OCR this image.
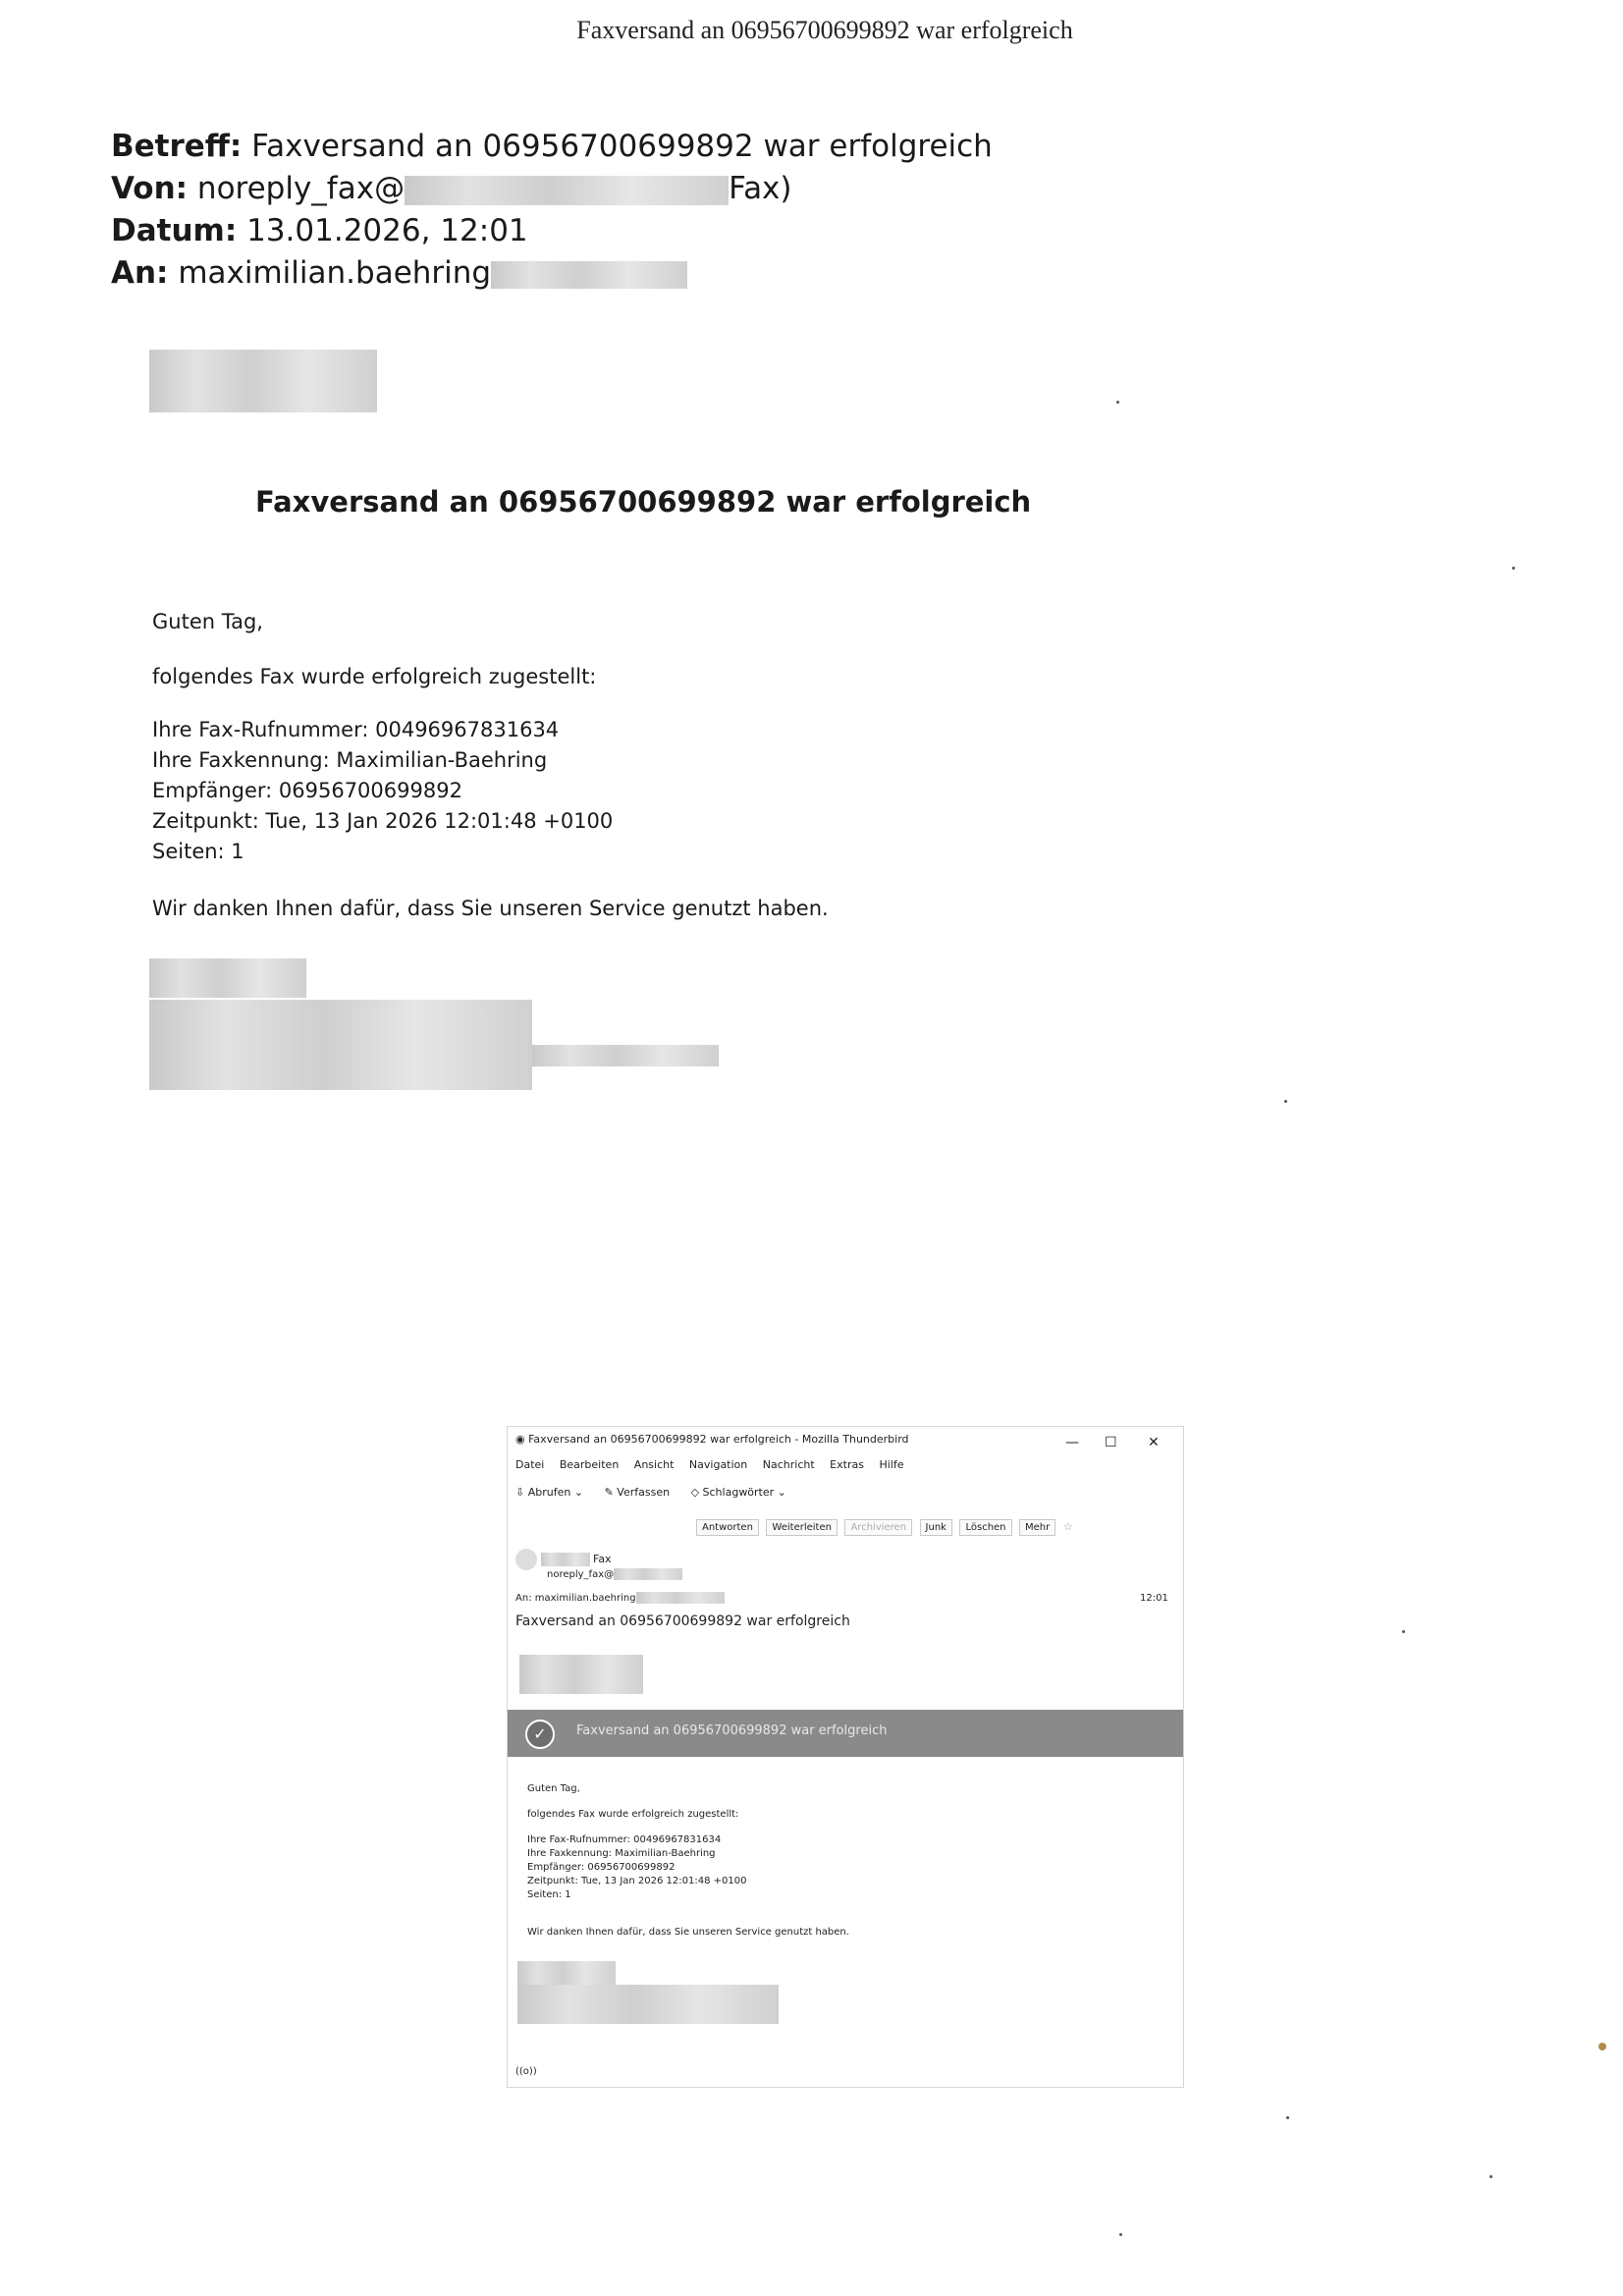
Faxversand an 06956700699892 war erfolgreich
Betreff: Faxversand an 06956700699892 war erfolgreich
Von: noreply_fax@	Fax)
Datum: 13.01.2026, 12:01
An: maximilian.baehring
Faxversand an 06956700699892 war erfolgreich
Guten Tag,
folgendes Fax wurde erfolgreich zugestellt:
Ihre Fax-Rufnummer: 00496967831634
Ihre Faxkennung: Maximilian-Baehring
Empfänger: 06956700699892
Zeitpunkt: Tue, 13 Jan 2026 12:01:48 +0100
Seiten: 1
Wir danken Ihnen dafür, dass Sie unseren Service genutzt haben.
◉ Faxversand an 06956700699892 war erfolgreich - Mozilla Thunderbird	— ☐ ✕
Datei Bearbeiten Ansicht Navigation Nachricht Extras Hilfe
⇩ Abrufen ⌄ ✎ Verfassen ◇ Schlagwörter ⌄
Antworten Weiterleiten Archivieren Junk Löschen Mehr ☆
Fax
noreply_fax@
An: maximilian.baehring	12:01
Faxversand an 06956700699892 war erfolgreich
✓	Faxversand an 06956700699892 war erfolgreich
Guten Tag,
folgendes Fax wurde erfolgreich zugestellt:
Ihre Fax-Rufnummer: 00496967831634
Ihre Faxkennung: Maximilian-Baehring
Empfänger: 06956700699892
Zeitpunkt: Tue, 13 Jan 2026 12:01:48 +0100
Seiten: 1
Wir danken Ihnen dafür, dass Sie unseren Service genutzt haben.
((o))
